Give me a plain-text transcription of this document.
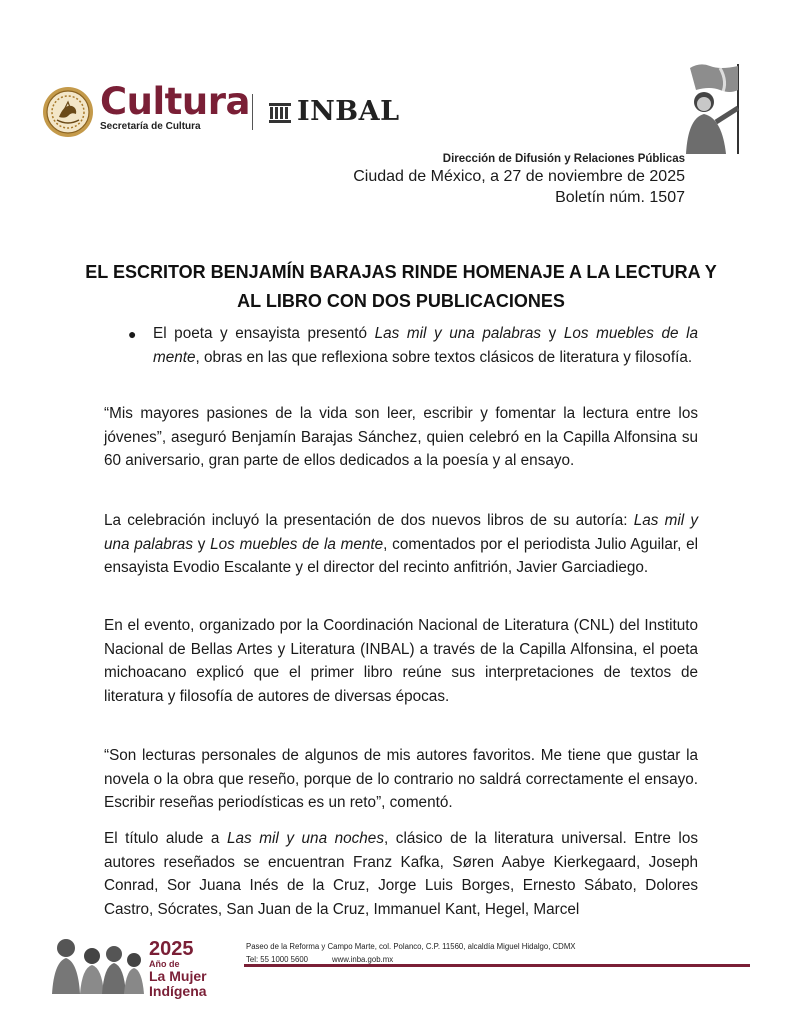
Cultura
Secretaría de Cultura	INBAL
Dirección de Difusión y Relaciones Públicas
Ciudad de México, a 27 de noviembre de 2025
Boletín núm. 1507
EL ESCRITOR BENJAMÍN BARAJAS RINDE HOMENAJE A LA LECTURA Y AL LIBRO CON DOS PUBLICACIONES
●	El poeta y ensayista presentó Las mil y una palabras y Los muebles de la mente, obras en las que reflexiona sobre textos clásicos de literatura y filosofía.

“Mis mayores pasiones de la vida son leer, escribir y fomentar la lectura entre los jóvenes”, aseguró Benjamín Barajas Sánchez, quien celebró en la Capilla Alfonsina su 60 aniversario, gran parte de ellos dedicados a la poesía y al ensayo.

La celebración incluyó la presentación de dos nuevos libros de su autoría: Las mil y una palabras y Los muebles de la mente, comentados por el periodista Julio Aguilar, el ensayista Evodio Escalante y el director del recinto anfitrión, Javier Garciadiego.

En el evento, organizado por la Coordinación Nacional de Literatura (CNL) del Instituto Nacional de Bellas Artes y Literatura (INBAL) a través de la Capilla Alfonsina, el poeta michoacano explicó que el primer libro reúne sus interpretaciones de textos de literatura y filosofía de autores de diversas épocas.

“Son lecturas personales de algunos de mis autores favoritos. Me tiene que gustar la novela o la obra que reseño, porque de lo contrario no saldrá correctamente el ensayo. Escribir reseñas periodísticas es un reto”, comentó.

El título alude a Las mil y una noches, clásico de la literatura universal. Entre los autores reseñados se encuentran Franz Kafka, Søren Aabye Kierkegaard, Joseph Conrad, Sor Juana Inés de la Cruz, Jorge Luis Borges, Ernesto Sábato, Dolores Castro, Sócrates, San Juan de la Cruz, Immanuel Kant, Hegel, Marcel

2025
Año de
La Mujer
Indígena
Paseo de la Reforma y Campo Marte, col. Polanco, C.P. 11560, alcaldía Miguel Hidalgo, CDMX
Tel: 55 1000 5600	www.inba.gob.mx
